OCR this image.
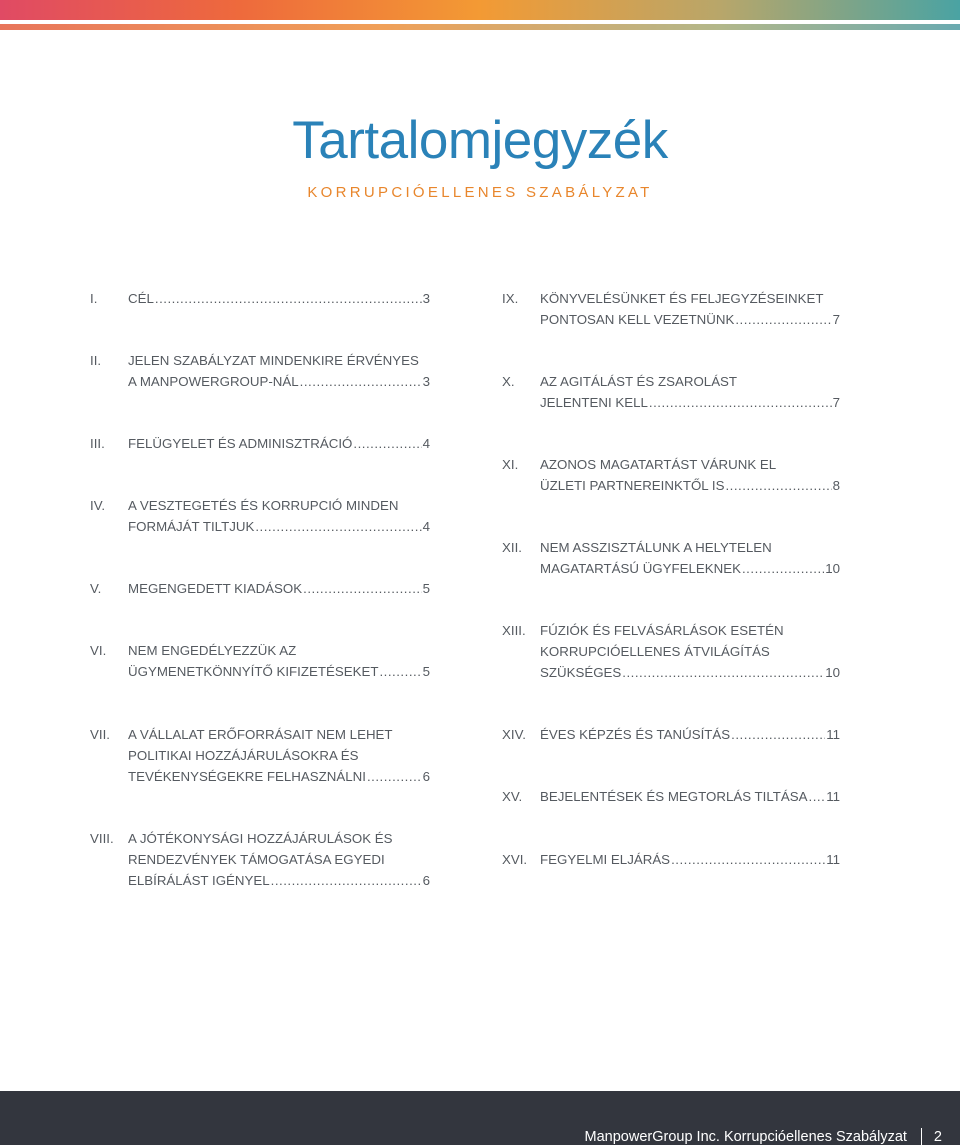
Tartalomjegyzék
KORRUPCIÓELLENES SZABÁLYZAT
I. CÉL .....	3
II. JELEN SZABÁLYZAT MINDENKIRE ÉRVÉNYES
A MANPOWERGROUP-NÁL .....	3
III. FELÜGYELET ÉS ADMINISZTRÁCIÓ .....	4
IV. A VESZTEGETÉS ÉS KORRUPCIÓ MINDEN
FORMÁJÁT TILTJUK .....	4
V. MEGENGEDETT KIADÁSOK .....	5
VI. NEM ENGEDÉLYEZZÜK AZ
ÜGYMENETKÖNNYÍTŐ KIFIZETÉSEKET .....	5
VII. A VÁLLALAT ERŐFORRÁSAIT NEM LEHET
POLITIKAI HOZZÁJÁRULÁSOKRA ÉS
TEVÉKENYSÉGEKRE FELHASZNÁLNI .....	6
VIII. A JÓTÉKONYSÁGI HOZZÁJÁRULÁSOK ÉS
RENDEZVÉNYEK TÁMOGATÁSA EGYEDI
ELBÍRÁLÁST IGÉNYEL .....	6
IX. KÖNYVELÉSÜNKET ÉS FELJEGYZÉSEINKET
PONTOSAN KELL VEZETNÜNK .....	7
X. AZ AGITÁLÁST ÉS ZSAROLÁST
JELENTENI KELL .....	7
XI. AZONOS MAGATARTÁST VÁRUNK EL
ÜZLETI PARTNEREINKTŐL IS .....	8
XII. NEM ASSZISZTÁLUNK A HELYTELEN
MAGATARTÁSÚ ÜGYFELEKNEK .....	10
XIII. FÚZIÓK ÉS FELVÁSÁRLÁSOK ESETÉN
KORRUPCIÓELLENES ÁTVILÁGÍTÁS
SZÜKSÉGES .....	10
XIV. ÉVES KÉPZÉS ÉS TANÚSÍTÁS .....	11
XV. BEJELENTÉSEK ÉS MEGTORLÁS TILTÁSA ..... 11
XVI. FEGYELMI ELJÁRÁS .....	11
ManpowerGroup Inc. Korrupcióellenes Szabályzat 2
